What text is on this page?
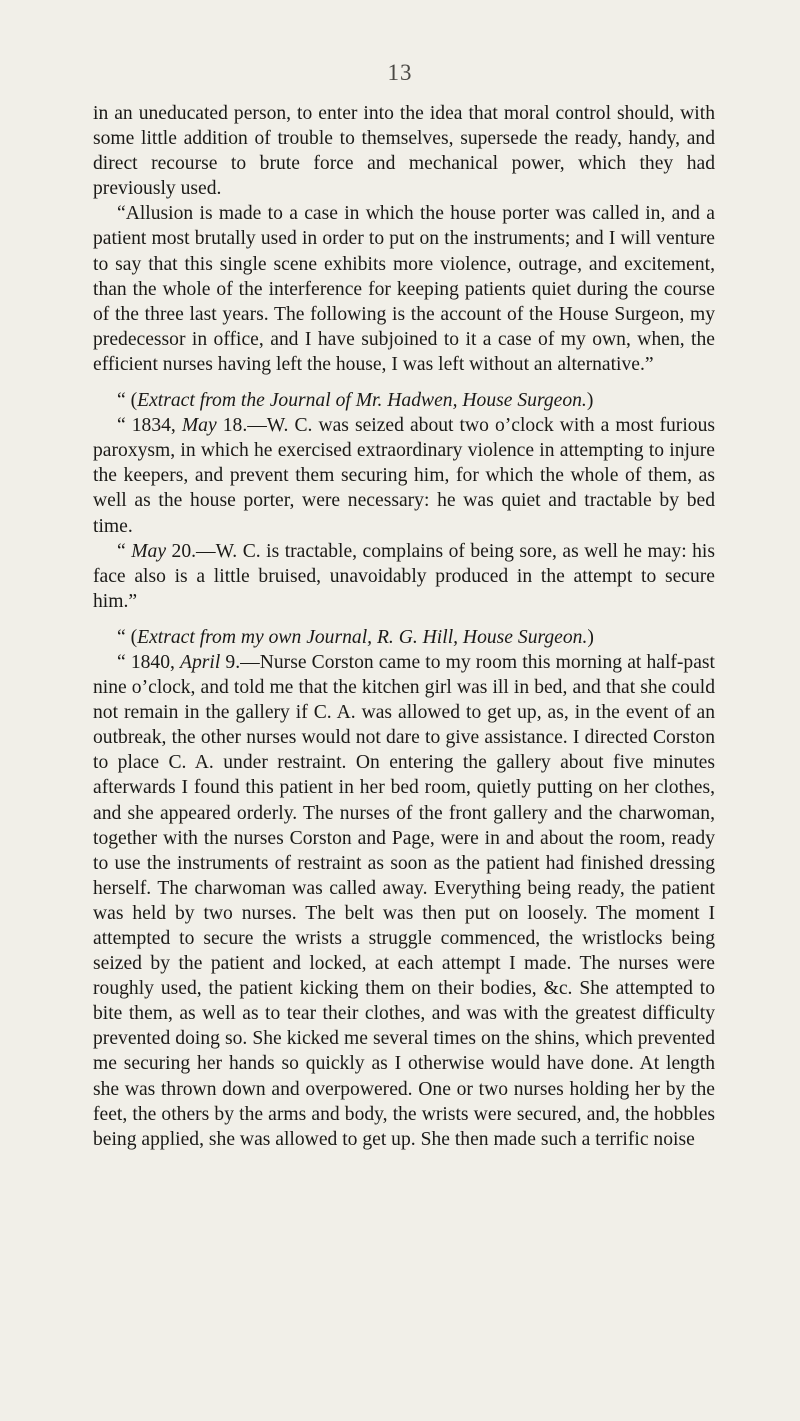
13

in an uneducated person, to enter into the idea that moral control should, with some little addition of trouble to themselves, supersede the ready, handy, and direct recourse to brute force and mechanical power, which they had previously used.

“Allusion is made to a case in which the house porter was called in, and a patient most brutally used in order to put on the instruments; and I will venture to say that this single scene exhibits more violence, outrage, and excitement, than the whole of the interference for keeping patients quiet during the course of the three last years. The following is the account of the House Surgeon, my predecessor in office, and I have subjoined to it a case of my own, when, the efficient nurses having left the house, I was left without an alternative.”

“ (Extract from the Journal of Mr. Hadwen, House Surgeon.)

“ 1834, May 18.—W. C. was seized about two o’clock with a most furious paroxysm, in which he exercised extraordinary violence in attempting to injure the keepers, and prevent them securing him, for which the whole of them, as well as the house porter, were necessary: he was quiet and tractable by bed time.

“ May 20.—W. C. is tractable, complains of being sore, as well he may: his face also is a little bruised, unavoidably produced in the attempt to secure him.”

“ (Extract from my own Journal, R. G. Hill, House Surgeon.)

“ 1840, April 9.—Nurse Corston came to my room this morning at half-past nine o’clock, and told me that the kitchen girl was ill in bed, and that she could not remain in the gallery if C. A. was allowed to get up, as, in the event of an outbreak, the other nurses would not dare to give assistance. I directed Corston to place C. A. under restraint. On entering the gallery about five minutes afterwards I found this patient in her bed room, quietly putting on her clothes, and she appeared orderly. The nurses of the front gallery and the charwoman, together with the nurses Corston and Page, were in and about the room, ready to use the instruments of restraint as soon as the patient had finished dressing herself. The charwoman was called away. Everything being ready, the patient was held by two nurses. The belt was then put on loosely. The moment I attempted to secure the wrists a struggle commenced, the wristlocks being seized by the patient and locked, at each attempt I made. The nurses were roughly used, the patient kicking them on their bodies, &c. She attempted to bite them, as well as to tear their clothes, and was with the greatest difficulty prevented doing so. She kicked me several times on the shins, which prevented me securing her hands so quickly as I otherwise would have done. At length she was thrown down and overpowered. One or two nurses holding her by the feet, the others by the arms and body, the wrists were secured, and, the hobbles being applied, she was allowed to get up. She then made such a terrific noise
